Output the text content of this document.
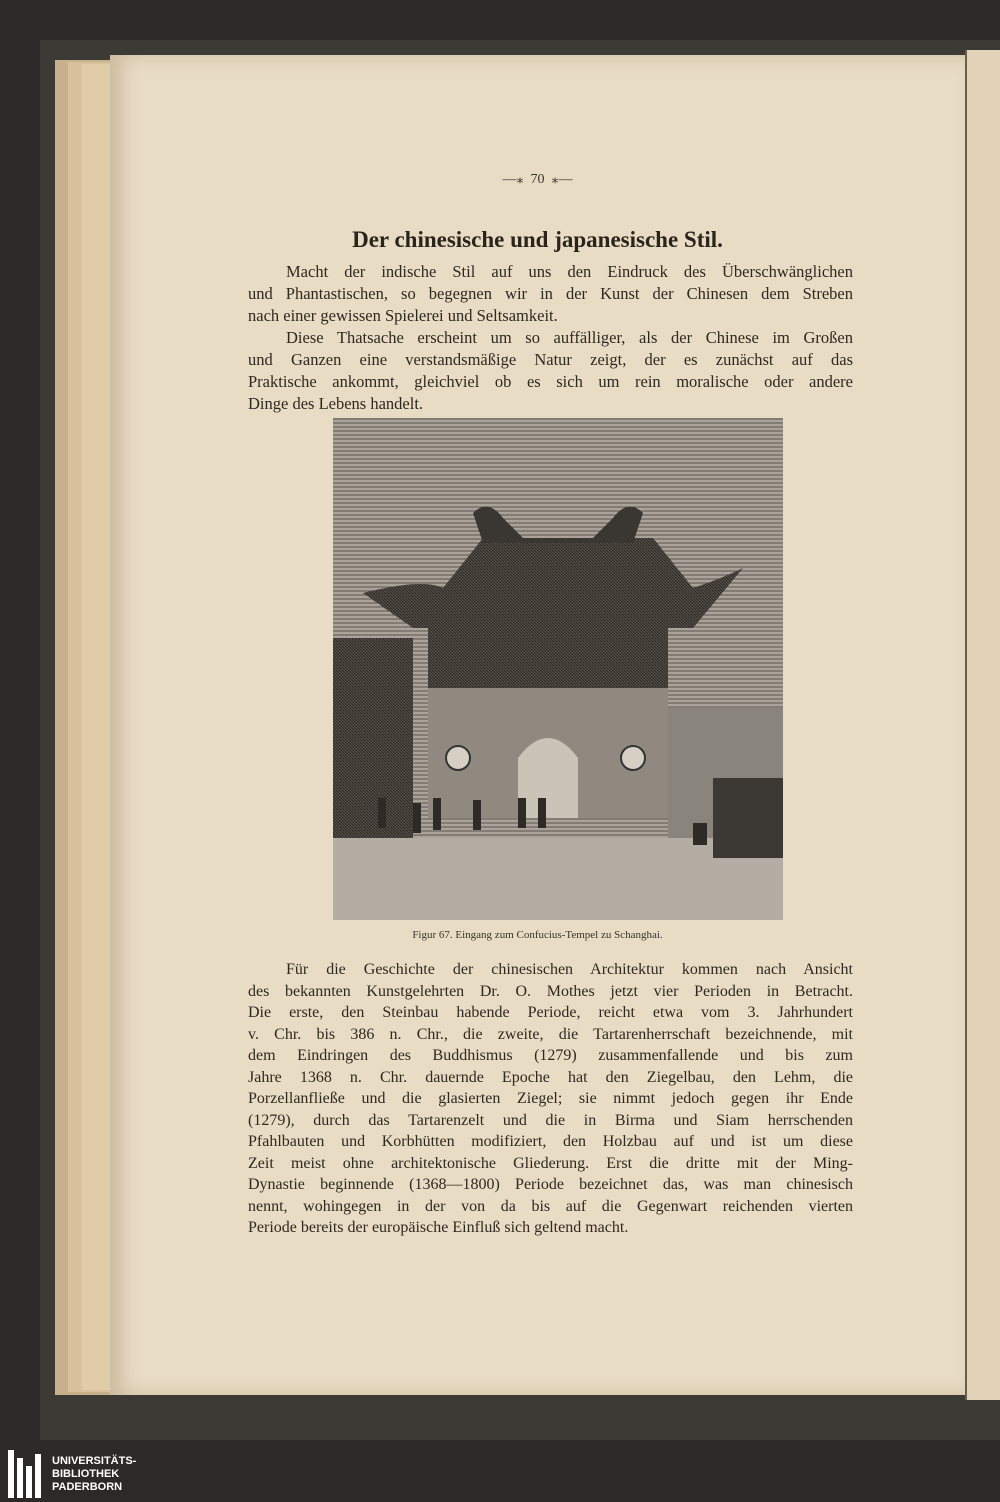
—⁎ 70 ⁎—
Der chinesische und japanesische Stil.
Macht der indische Stil auf uns den Eindruck des Überschwänglichen
und Phantastischen, so begegnen wir in der Kunst der Chinesen dem Streben
nach einer gewissen Spielerei und Seltsamkeit.
Diese Thatsache erscheint um so auffälliger, als der Chinese im Großen
und Ganzen eine verstandsmäßige Natur zeigt, der es zunächst auf das
Praktische ankommt, gleichviel ob es sich um rein moralische oder andere
Dinge des Lebens handelt.
Figur 67. Eingang zum Confucius-Tempel zu Schanghai.
Für die Geschichte der chinesischen Architektur kommen nach Ansicht
des bekannten Kunstgelehrten Dr. O. Mothes jetzt vier Perioden in Betracht.
Die erste, den Steinbau habende Periode, reicht etwa vom 3. Jahrhundert
v. Chr. bis 386 n. Chr., die zweite, die Tartarenherrschaft bezeichnende, mit
dem Eindringen des Buddhismus (1279) zusammenfallende und bis zum
Jahre 1368 n. Chr. dauernde Epoche hat den Ziegelbau, den Lehm, die
Porzellanfließe und die glasierten Ziegel; sie nimmt jedoch gegen ihr Ende
(1279), durch das Tartarenzelt und die in Birma und Siam herrschenden
Pfahlbauten und Korbhütten modifiziert, den Holzbau auf und ist um diese
Zeit meist ohne architektonische Gliederung. Erst die dritte mit der Ming-
Dynastie beginnende (1368—1800) Periode bezeichnet das, was man chinesisch
nennt, wohingegen in der von da bis auf die Gegenwart reichenden vierten
Periode bereits der europäische Einfluß sich geltend macht.
UNIVERSITÄTS-
BIBLIOTHEK
PADERBORN
